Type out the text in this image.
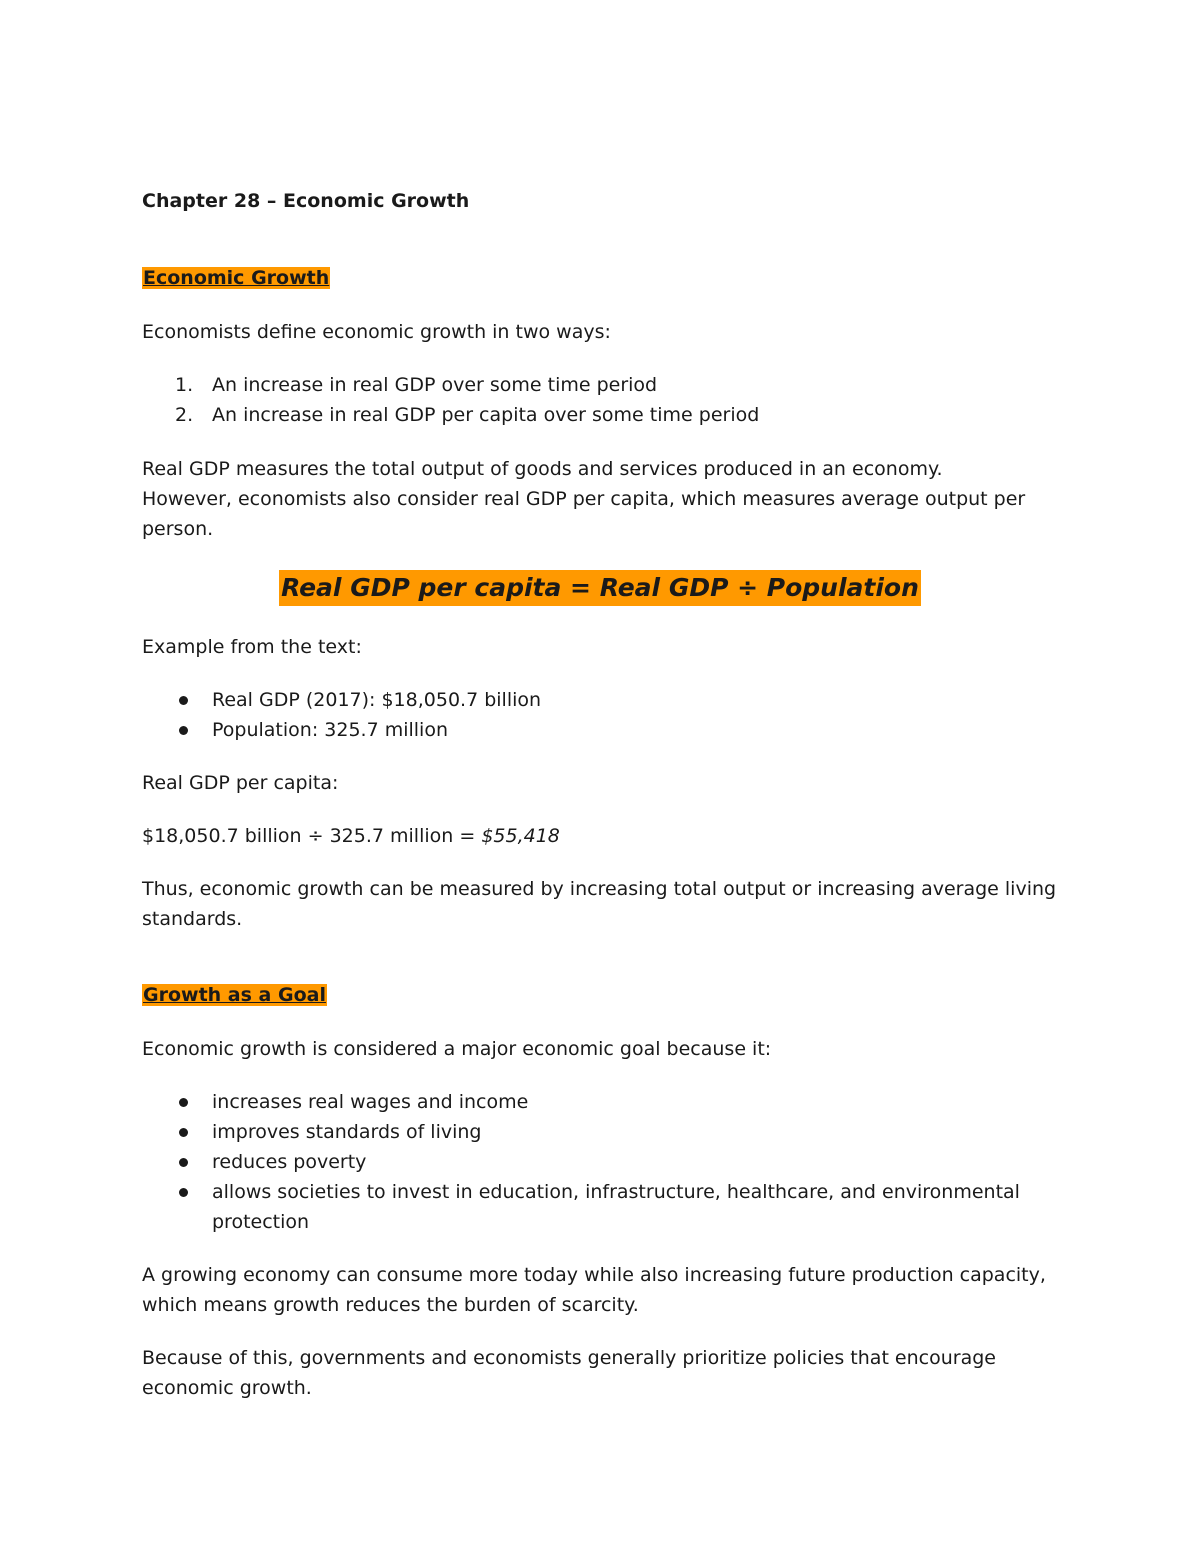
Chapter 28 – Economic Growth

Economic Growth

Economists define economic growth in two ways:

1. An increase in real GDP over some time period
2. An increase in real GDP per capita over some time period

Real GDP measures the total output of goods and services produced in an economy.

However, economists also consider real GDP per capita, which measures average output per

person.

Real GDP per capita = Real GDP ÷ Population

Example from the text:

Real GDP (2017): $18,050.7 billion
Population: 325.7 million

Real GDP per capita:

$18,050.7 billion ÷ 325.7 million = $55,418

Thus, economic growth can be measured by increasing total output or increasing average living

standards.

Growth as a Goal

Economic growth is considered a major economic goal because it:

increases real wages and income
improves standards of living
reduces poverty
allows societies to invest in education, infrastructure, healthcare, and environmental
protection

A growing economy can consume more today while also increasing future production capacity,

which means growth reduces the burden of scarcity.

Because of this, governments and economists generally prioritize policies that encourage

economic growth.
